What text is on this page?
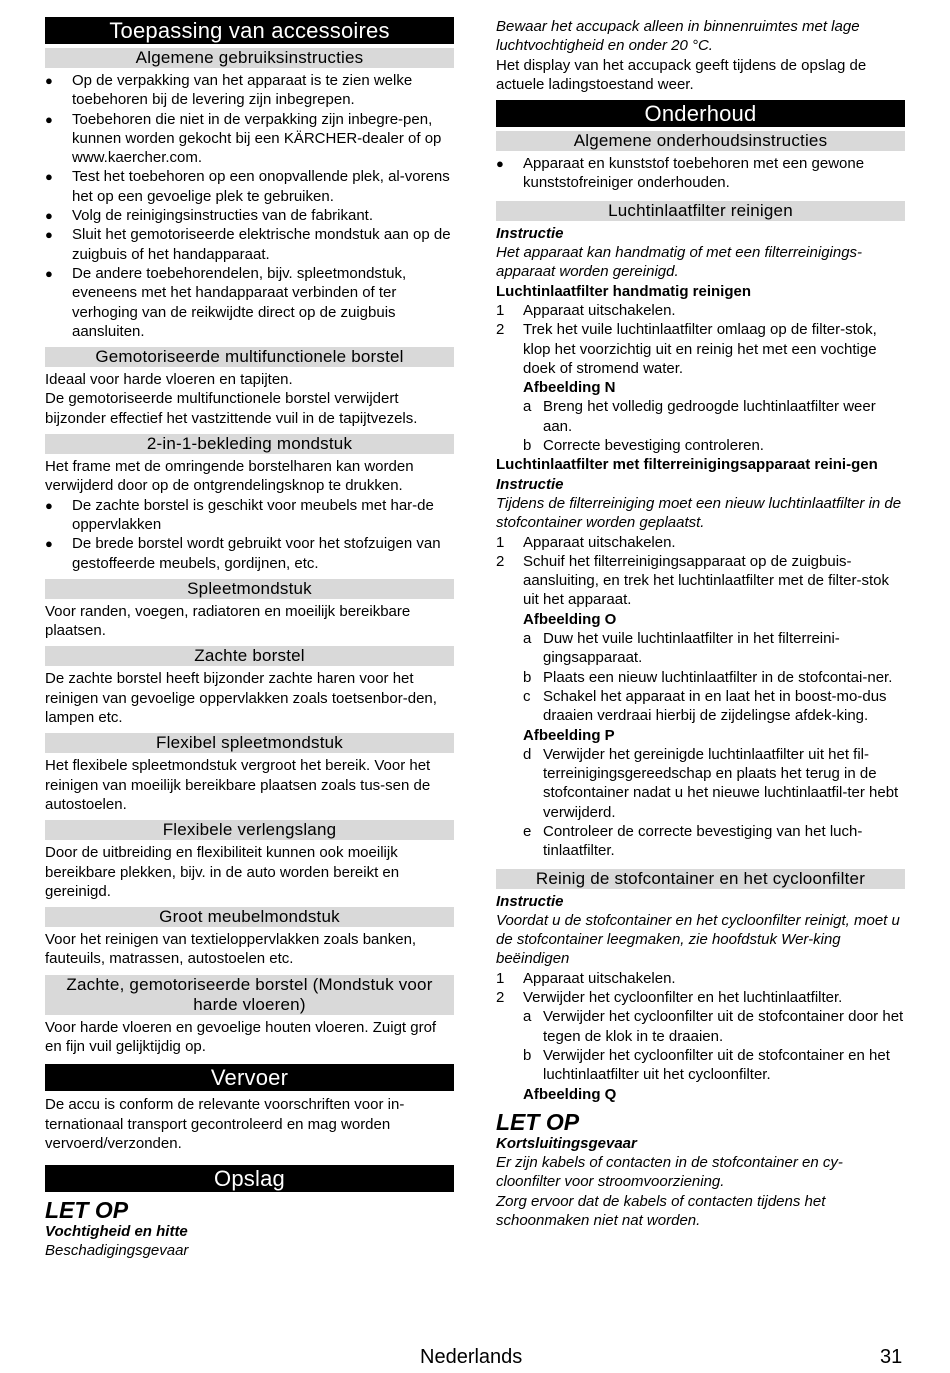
Toepassing van accessoires
Algemene gebruiksinstructies
● Op de verpakking van het apparaat is te zien welke toebehoren bij de levering zijn inbegrepen.
● Toebehoren die niet in de verpakking zijn inbegre-pen, kunnen worden gekocht bij een KÄRCHER-dealer of op www.kaercher.com.
● Test het toebehoren op een onopvallende plek, al-vorens het op een gevoelige plek te gebruiken.
● Volg de reinigingsinstructies van de fabrikant.
● Sluit het gemotoriseerde elektrische mondstuk aan op de zuigbuis of het handapparaat.
● De andere toebehorendelen, bijv. spleetmondstuk, eveneens met het handapparaat verbinden of ter verhoging van de reikwijdte direct op de zuigbuis aansluiten.
Gemotoriseerde multifunctionele borstel

Ideaal voor harde vloeren en tapijten.

De gemotoriseerde multifunctionele borstel verwijdert bijzonder effectief het vastzittende vuil in de tapijtvezels.

2-in-1-bekleding mondstuk

Het frame met de omringende borstelharen kan worden verwijderd door op de ontgrendelingsknop te drukken.

● De zachte borstel is geschikt voor meubels met har-de oppervlakken
● De brede borstel wordt gebruikt voor het stofzuigen van gestoffeerde meubels, gordijnen, etc.
Spleetmondstuk

Voor randen, voegen, radiatoren en moeilijk bereikbare plaatsen.

Zachte borstel

De zachte borstel heeft bijzonder zachte haren voor het reinigen van gevoelige oppervlakken zoals toetsenbor-den, lampen etc.

Flexibel spleetmondstuk

Het flexibele spleetmondstuk vergroot het bereik. Voor het reinigen van moeilijk bereikbare plaatsen zoals tus-sen de autostoelen.

Flexibele verlengslang

Door de uitbreiding en flexibiliteit kunnen ook moeilijk bereikbare plekken, bijv. in de auto worden bereikt en gereinigd.

Groot meubelmondstuk

Voor het reinigen van textieloppervlakken zoals banken, fauteuils, matrassen, autostoelen etc.

Zachte, gemotoriseerde borstel (Mondstuk voor harde vloeren)

Voor harde vloeren en gevoelige houten vloeren. Zuigt grof en fijn vuil gelijktijdig op.

Vervoer

De accu is conform de relevante voorschriften voor in-ternationaal transport gecontroleerd en mag worden vervoerd/verzonden.

Opslag
LET OP
Vochtigheid en hitte
Beschadigingsgevaar

Bewaar het accupack alleen in binnenruimtes met lage luchtvochtigheid en onder 20 °C.

Het display van het accupack geeft tijdens de opslag de actuele ladingstoestand weer.

Onderhoud
Algemene onderhoudsinstructies
● Apparaat en kunststof toebehoren met een gewone kunststofreiniger onderhouden.
Luchtinlaatfilter reinigen
Instructie

Het apparaat kan handmatig of met een filterreinigings-apparaat worden gereinigd.

Luchtinlaatfilter handmatig reinigen
1 Apparaat uitschakelen.
2 Trek het vuile luchtinlaatfilter omlaag op de filter-stok, klop het voorzichtig uit en reinig het met een vochtige doek of stromend water.
Afbeelding N
a Breng het volledig gedroogde luchtinlaatfilter weer aan.
b Correcte bevestiging controleren.
Luchtinlaatfilter met filterreinigingsapparaat reini-gen
Instructie

Tijdens de filterreiniging moet een nieuw luchtinlaatfilter in de stofcontainer worden geplaatst.

1 Apparaat uitschakelen.
2 Schuif het filterreinigingsapparaat op de zuigbuis-aansluiting, en trek het luchtinlaatfilter met de filter-stok uit het apparaat.
Afbeelding O
a Duw het vuile luchtinlaatfilter in het filterreini-gingsapparaat.
b Plaats een nieuw luchtinlaatfilter in de stofcontai-ner.
c Schakel het apparaat in en laat het in boost-mo-dus draaien verdraai hierbij de zijdelingse afdek-king.
Afbeelding P
d Verwijder het gereinigde luchtinlaatfilter uit het fil-terreinigingsgereedschap en plaats het terug in de stofcontainer nadat u het nieuwe luchtinlaatfil-ter hebt verwijderd.
e Controleer de correcte bevestiging van het luch-tinlaatfilter.
Reinig de stofcontainer en het cycloonfilter
Instructie

Voordat u de stofcontainer en het cycloonfilter reinigt, moet u de stofcontainer leegmaken, zie hoofdstuk Wer-king beëindigen

1 Apparaat uitschakelen.
2 Verwijder het cycloonfilter en het luchtinlaatfilter.
a Verwijder het cycloonfilter uit de stofcontainer door het tegen de klok in te draaien.
b Verwijder het cycloonfilter uit de stofcontainer en het luchtinlaatfilter uit het cycloonfilter.
Afbeelding Q
LET OP
Kortsluitingsgevaar

Er zijn kabels of contacten in de stofcontainer en cy-cloonfilter voor stroomvoorziening.

Zorg ervoor dat de kabels of contacten tijdens het schoonmaken niet nat worden.

Nederlands	31
